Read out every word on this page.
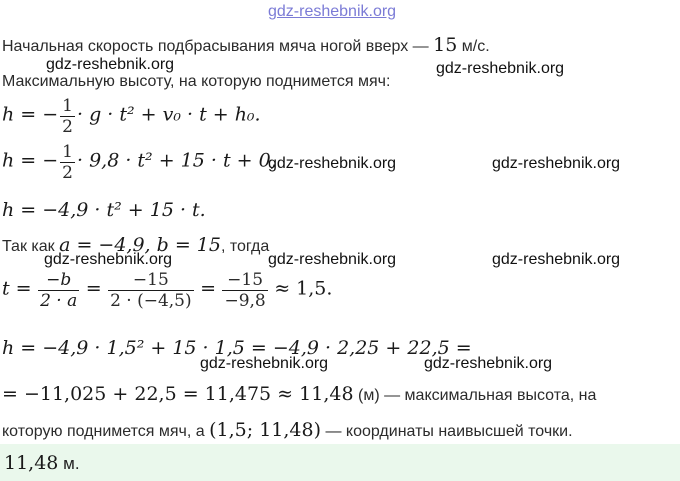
gdz-reshebnik.org
Начальная скорость подбрасывания мяча ногой вверх — 15 м/с.
gdz-reshebnik.org	gdz-reshebnik.org
Максимальную высоту, на которую поднимется мяч:
h = − $\frac{1}{2} \cdot g \cdot t^2 + v_0 \cdot t + h_0$.
h = − $\frac{1}{2} \cdot 9,8 \cdot t^2 + 15 \cdot t + 0$,
gdz-reshebnik.org	gdz-reshebnik.org
h = −4,9 · t² + 15 · t.
Так как a = −4,9, b = 15, тогда
gdz-reshebnik.org	gdz-reshebnik.org	gdz-reshebnik.org
$t = \frac{-b}{2 \cdot a} = \frac{-15}{2 \cdot (-4,5)} = \frac{-15}{-9,8} \approx 1,5$.
h = −4,9 · 1,5² + 15 · 1,5 = −4,9 · 2,25 + 22,5 =
gdz-reshebnik.org	gdz-reshebnik.org
= −11,025 + 22,5 = 11,475 ≈ 11,48 (м) — максимальная высота, на
которую поднимется мяч, а (1,5; 11,48) — координаты наивысшей точки.
11,48 м.
